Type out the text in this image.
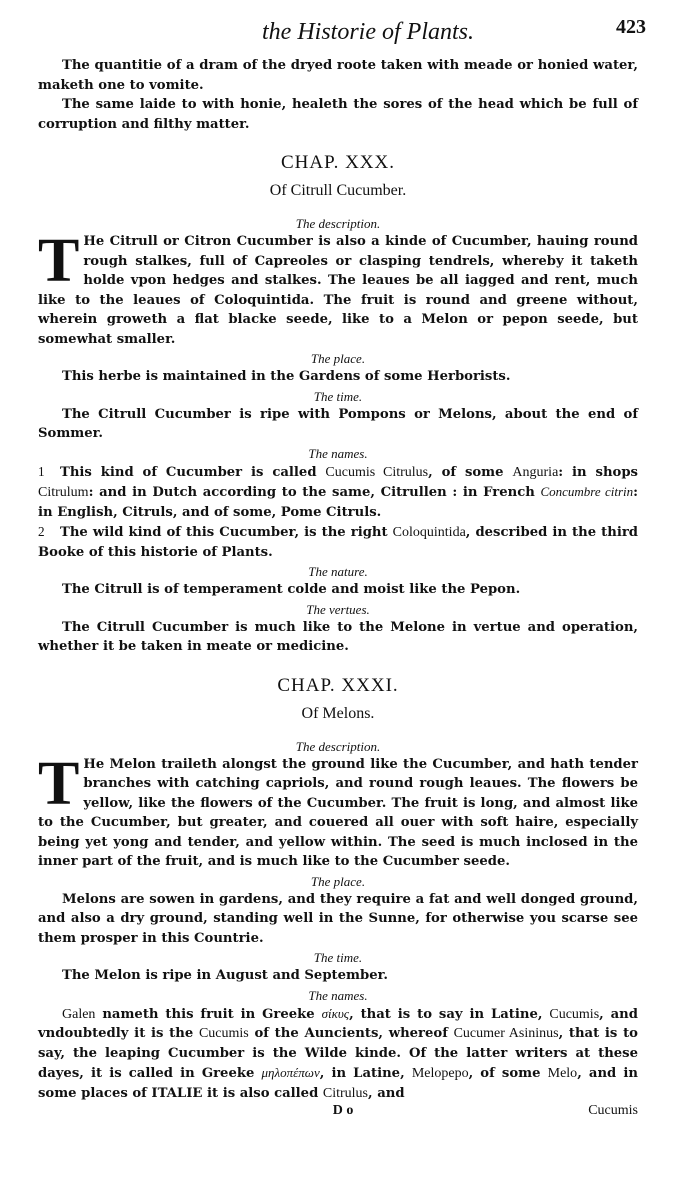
the Historie of Plants.	423

The quantitie of a dram of the dryed roote taken with meade or honied water, maketh one to vomite.

The same laide to with honie, healeth the sores of the head which be full of corruption and filthy matter.

CHAP. XXX.
Of Citrull Cucumber.
The description.
T He Citrull or Citron Cucumber is also a kinde of Cucumber, hauing round rough stalkes, full of Capreoles or clasping tendrels, whereby it taketh holde vpon hedges and stalkes. The leaues be all iagged and rent, much like to the leaues of Coloquintida. The fruit is round and greene without, wherein groweth a flat blacke seede, like to a Melon or pepon seede, but somewhat smaller.

The place.

This herbe is maintained in the Gardens of some Herborists.

The time.

The Citrull Cucumber is ripe with Pompons or Melons, about the end of Sommer.

The names.

1 This kind of Cucumber is called Cucumis Citrulus, of some Anguria: in shops Citrulum: and in Dutch according to the same, Citrullen : in French Concumbre citrin: in English, Citruls, and of some, Pome Citruls.

2 The wild kind of this Cucumber, is the right Coloquintida, described in the third Booke of this historie of Plants.

The nature.

The Citrull is of temperament colde and moist like the Pepon.

The vertues.

The Citrull Cucumber is much like to the Melone in vertue and operation, whether it be taken in meate or medicine.

CHAP. XXXI.
Of Melons.
The description.
T He Melon traileth alongst the ground like the Cucumber, and hath tender branches with catching capriols, and round rough leaues. The flowers be yellow, like the flowers of the Cucumber. The fruit is long, and almost like to the Cucumber, but greater, and couered all ouer with soft haire, especially being yet yong and tender, and yellow within. The seed is much inclosed in the inner part of the fruit, and is much like to the Cucumber seede.

The place.

Melons are sowen in gardens, and they require a fat and well donged ground, and also a dry ground, standing well in the Sunne, for otherwise you scarse see them prosper in this Countrie.

The time.

The Melon is ripe in August and September.

The names.

Galen nameth this fruit in Greeke σίκυς, that is to say in Latine, Cucumis, and vndoubtedly it is the Cucumis of the Auncients, whereof Cucumer Asininus, that is to say, the leaping Cucumber is the Wilde kinde. Of the latter writers at these dayes, it is called in Greeke μηλοπέπων, in Latine, Melopepo, of some Melo, and in some places of ITALIE it is also called Citrulus, and

Cucumis
D o
